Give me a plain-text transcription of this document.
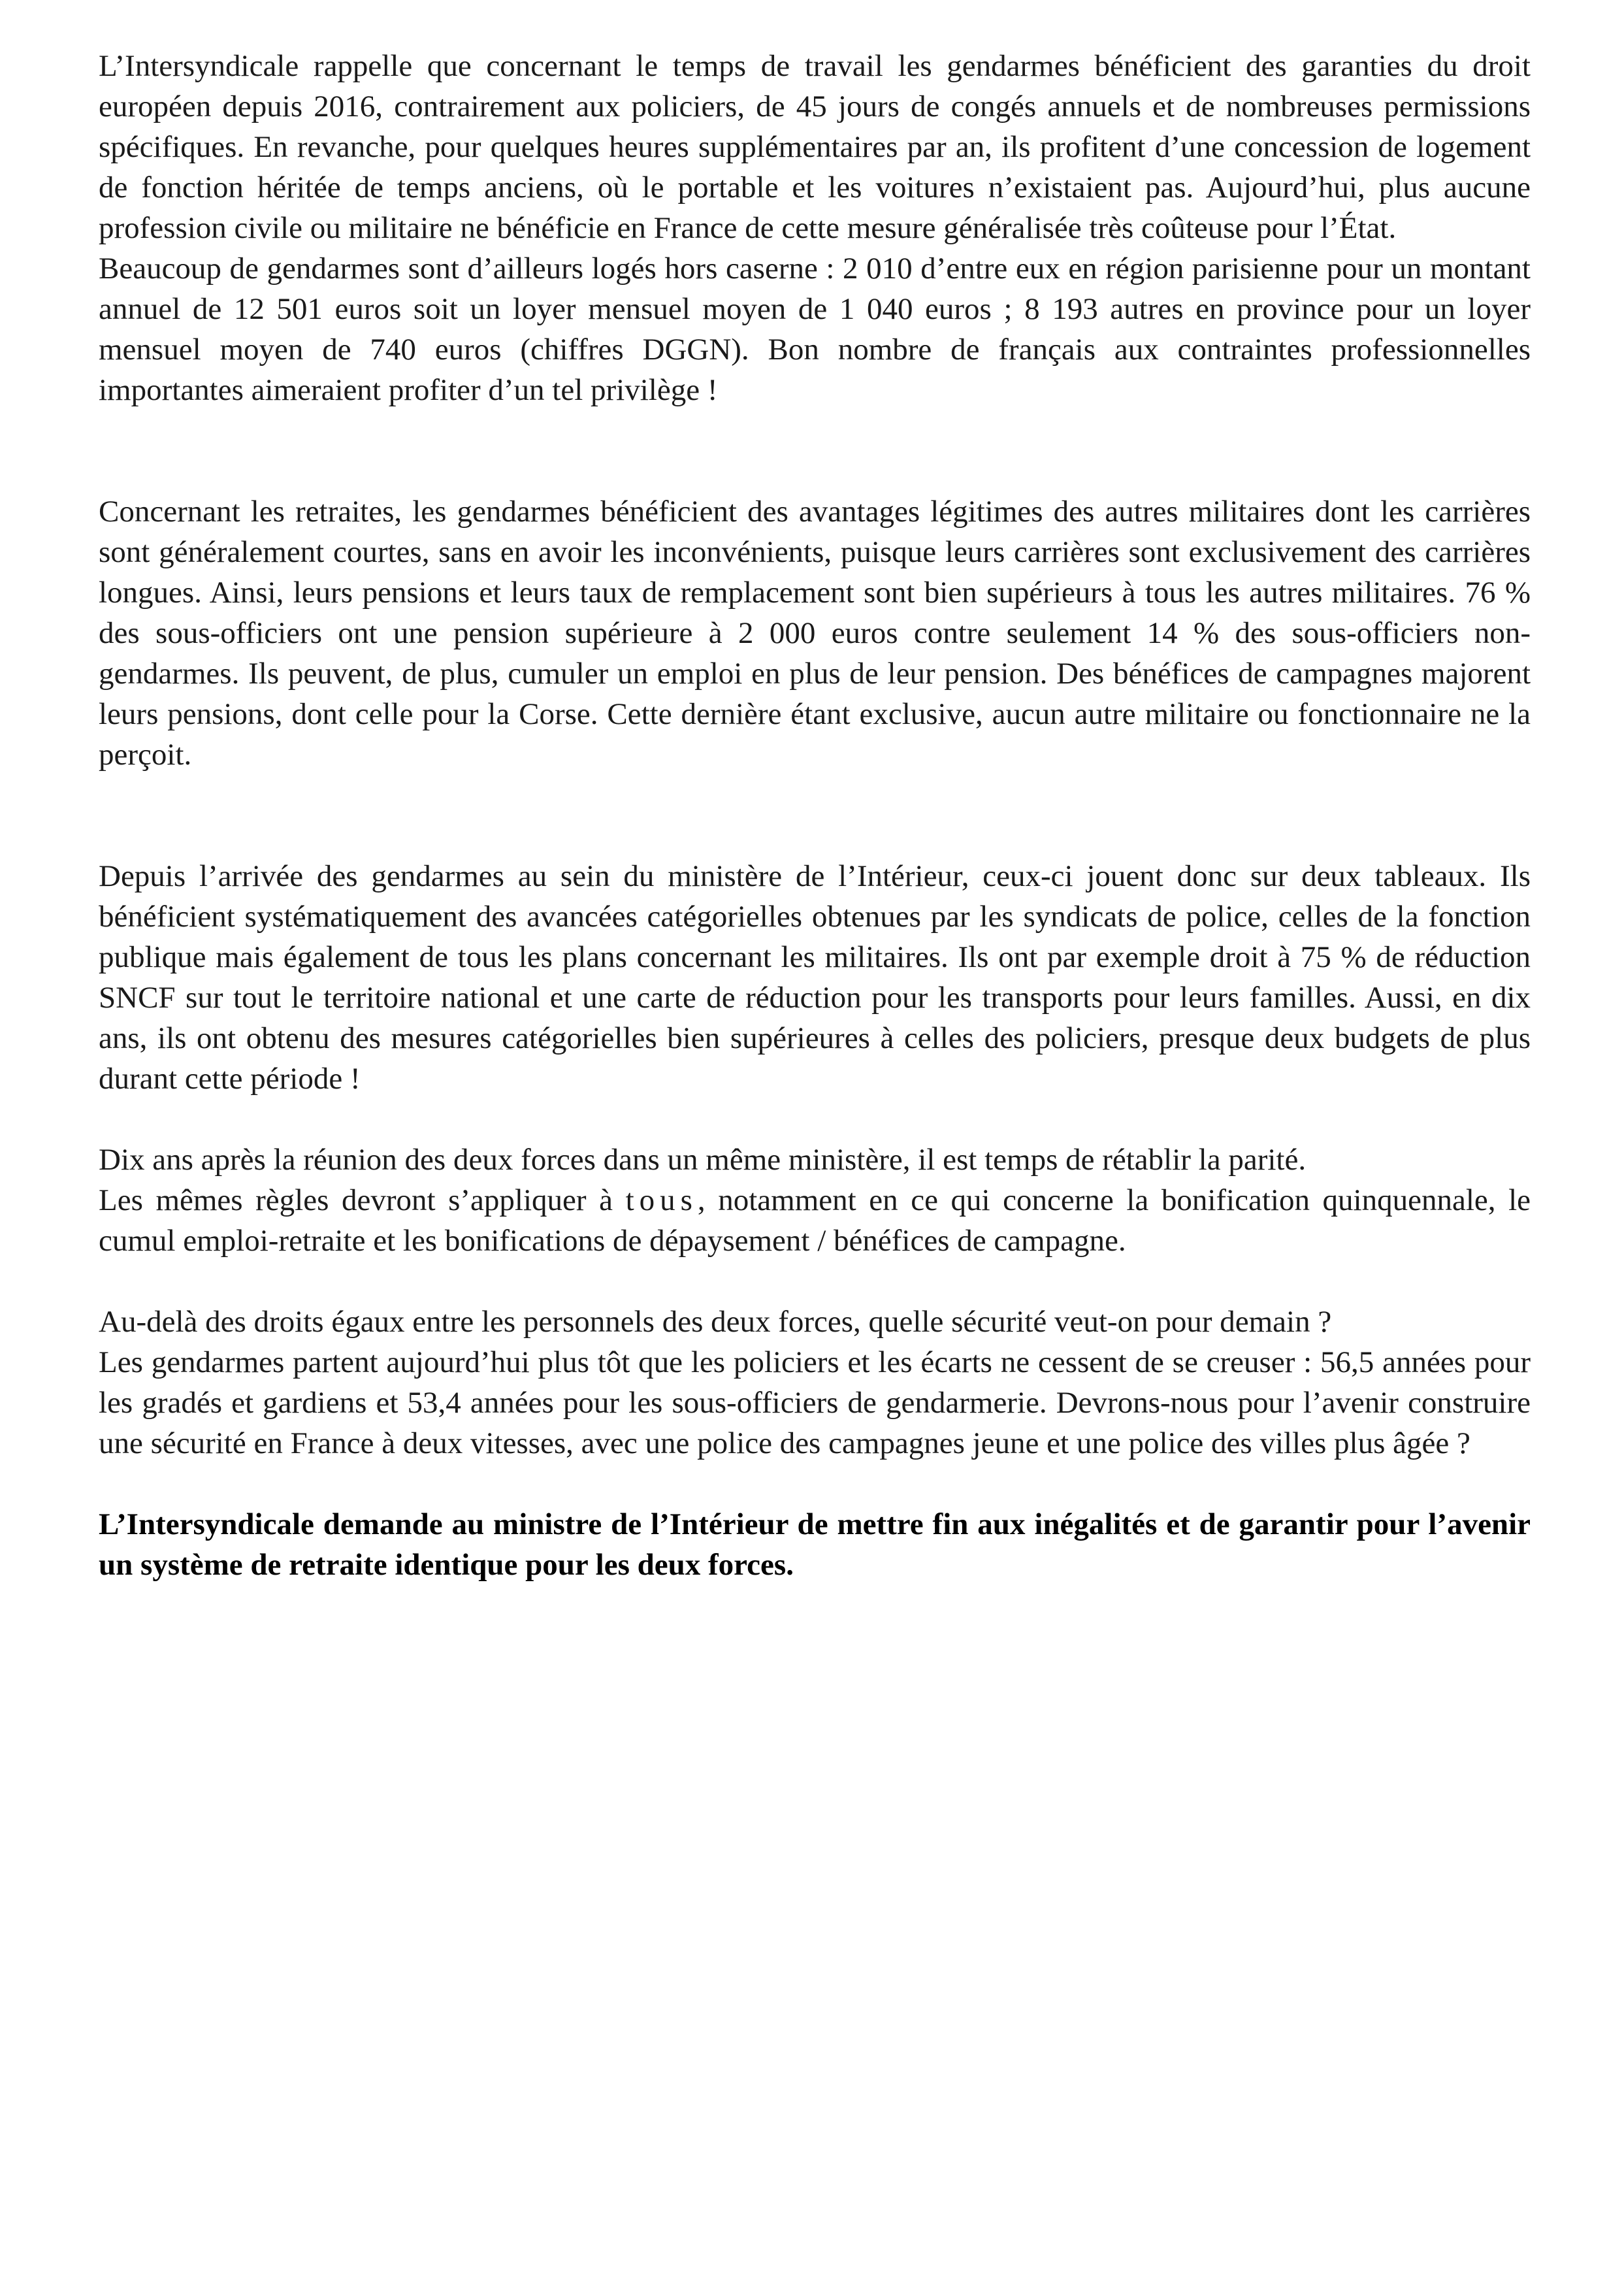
L’Intersyndicale rappelle que concernant le temps de travail les gendarmes bénéficient des garanties du droit européen depuis 2016, contrairement aux policiers, de 45 jours de congés annuels et de nombreuses permissions spécifiques. En revanche, pour quelques heures supplémentaires par an, ils profitent d’une concession de logement de fonction héritée de temps anciens, où le portable et les voitures n’existaient pas. Aujourd’hui, plus aucune profession civile ou militaire ne bénéficie en France de cette mesure généralisée très coûteuse pour l’État.

Beaucoup de gendarmes sont d’ailleurs logés hors caserne : 2 010 d’entre eux en région parisienne pour un montant annuel de 12 501 euros soit un loyer mensuel moyen de 1 040 euros ; 8 193 autres en province pour un loyer mensuel moyen de 740 euros (chiffres DGGN). Bon nombre de français aux contraintes professionnelles importantes aimeraient profiter d’un tel privilège !

Concernant les retraites, les gendarmes bénéficient des avantages légitimes des autres militaires dont les carrières sont généralement courtes, sans en avoir les inconvénients, puisque leurs carrières sont exclusivement des carrières longues. Ainsi, leurs pensions et leurs taux de remplacement sont bien supérieurs à tous les autres militaires. 76 % des sous-officiers ont une pension supérieure à 2 000 euros contre seulement 14 % des sous-officiers non-gendarmes. Ils peuvent, de plus, cumuler un emploi en plus de leur pension. Des bénéfices de campagnes majorent leurs pensions, dont celle pour la Corse. Cette dernière étant exclusive, aucun autre militaire ou fonctionnaire ne la perçoit.

Depuis l’arrivée des gendarmes au sein du ministère de l’Intérieur, ceux-ci jouent donc sur deux tableaux. Ils bénéficient systématiquement des avancées catégorielles obtenues par les syndicats de police, celles de la fonction publique mais également de tous les plans concernant les militaires. Ils ont par exemple droit à 75 % de réduction SNCF sur tout le territoire national et une carte de réduction pour les transports pour leurs familles. Aussi, en dix ans, ils ont obtenu des mesures catégorielles bien supérieures à celles des policiers, presque deux budgets de plus durant cette période !

Dix ans après la réunion des deux forces dans un même ministère, il est temps de rétablir la parité.

Les mêmes règles devront s’appliquer à tous, notamment en ce qui concerne la bonification quinquennale, le cumul emploi-retraite et les bonifications de dépaysement / bénéfices de campagne.

Au-delà des droits égaux entre les personnels des deux forces, quelle sécurité veut-on pour demain ?

Les gendarmes partent aujourd’hui plus tôt que les policiers et les écarts ne cessent de se creuser : 56,5 années pour les gradés et gardiens et 53,4 années pour les sous-officiers de gendarmerie. Devrons-nous pour l’avenir construire une sécurité en France à deux vitesses, avec une police des campagnes jeune et une police des villes plus âgée ?

L’Intersyndicale demande au ministre de l’Intérieur de mettre fin aux inégalités et de garantir pour l’avenir un système de retraite identique pour les deux forces.
